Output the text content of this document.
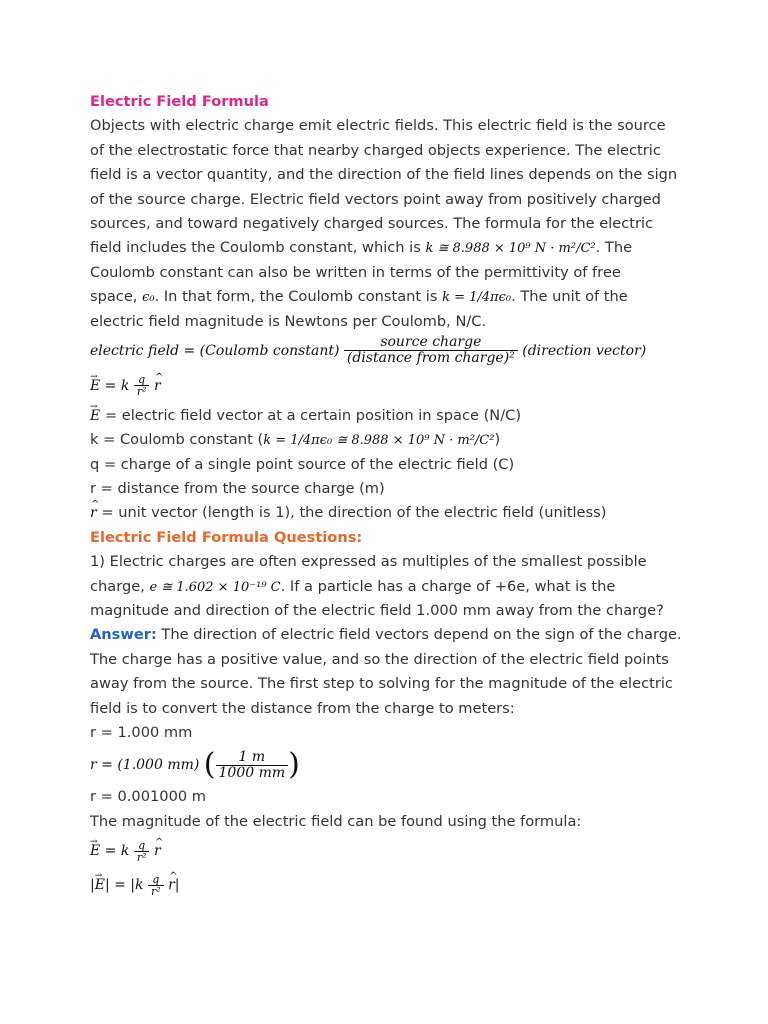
Electric Field Formula
Objects with electric charge emit electric fields. This electric field is the source
of the electrostatic force that nearby charged objects experience. The electric
field is a vector quantity, and the direction of the field lines depends on the sign
of the source charge. Electric field vectors point away from positively charged
sources, and toward negatively charged sources. The formula for the electric
field includes the Coulomb constant, which is k ≅ 8.988 × 10⁹ N · m²/C². The
Coulomb constant can also be written in terms of the permittivity of free
space, ϵ₀. In that form, the Coulomb constant is k = 1/4πϵ₀. The unit of the
electric field magnitude is Newtons per Coulomb, N/C.
electric field = (Coulomb constant) $\frac{\text{source charge}}{\text{(distance from charge)²}}$ (direction vector)
→ E = k $\frac{q}{\text{r²}}$ ^ r
→ E = electric field vector at a certain position in space (N/C)
k = Coulomb constant (k = 1/4πϵ₀ ≅ 8.988 × 10⁹ N · m²/C²)
q = charge of a single point source of the electric field (C)
r = distance from the source charge (m)
^ r = unit vector (length is 1), the direction of the electric field (unitless)
Electric Field Formula Questions:
1) Electric charges are often expressed as multiples of the smallest possible
charge, e ≅ 1.602 × 10⁻¹⁹ C. If a particle has a charge of +6e, what is the
magnitude and direction of the electric field 1.000 mm away from the charge?
Answer: The direction of electric field vectors depend on the sign of the charge.
The charge has a positive value, and so the direction of the electric field points
away from the source. The first step to solving for the magnitude of the electric
field is to convert the distance from the charge to meters:
r = 1.000 mm
r = (1.000 mm) ( $\frac{1 m}{1000 mm}$ )
r = 0.001000 m
The magnitude of the electric field can be found using the formula:
→ E = k $\frac{q}{\text{r²}}$ ^ r
|→ $E| = |k \frac{q}{\text{r²}}$ ^ r|
